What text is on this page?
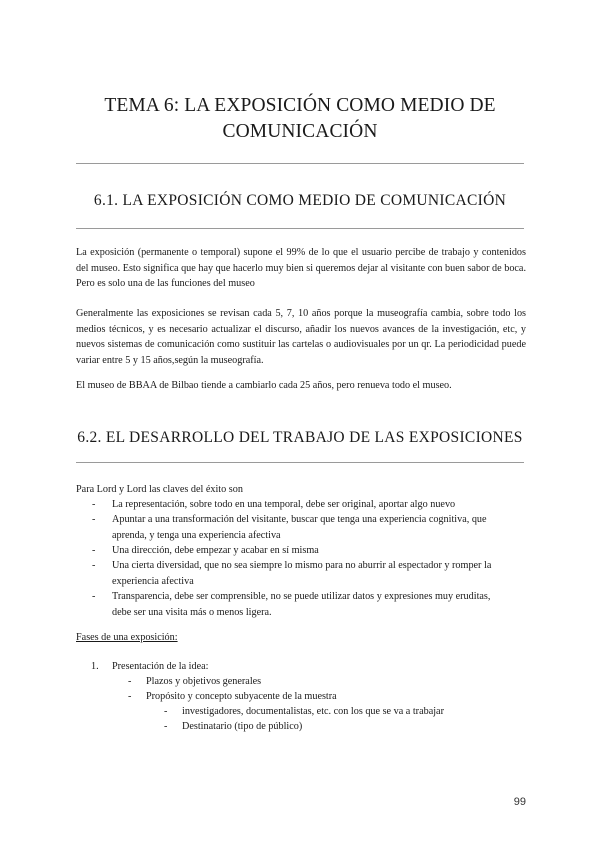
TEMA 6: LA EXPOSICIÓN COMO MEDIO DE
COMUNICACIÓN
6.1. LA EXPOSICIÓN COMO MEDIO DE COMUNICACIÓN
La exposición (permanente o temporal) supone el 99% de lo que el usuario percibe de trabajo y contenidos del museo. Esto significa que hay que hacerlo muy bien si queremos dejar al visitante con buen sabor de boca. Pero es solo una de las funciones del museo
Generalmente las exposiciones se revisan cada 5, 7, 10 años porque la museografía cambia, sobre todo los medios técnicos, y es necesario actualizar el discurso, añadir los nuevos avances de la investigación, etc, y nuevos sistemas de comunicación como sustituir las cartelas o audiovisuales por un qr. La periodicidad puede variar entre 5 y 15 años,según la museografía.
El museo de BBAA de Bilbao tiende a cambiarlo cada 25 años, pero renueva todo el museo.
6.2. EL DESARROLLO DEL TRABAJO DE LAS EXPOSICIONES
Para Lord y Lord las claves del éxito son
- La representación, sobre todo en una temporal, debe ser original, aportar algo nuevo
- Apuntar a una transformación del visitante, buscar que tenga una experiencia cognitiva, que
aprenda, y tenga una experiencia afectiva
- Una dirección, debe empezar y acabar en sí misma
- Una cierta diversidad, que no sea siempre lo mismo para no aburrir al espectador y romper la
experiencia afectiva
- Transparencia, debe ser comprensible, no se puede utilizar datos y expresiones muy eruditas,
debe ser una visita más o menos ligera.
Fases de una exposición:
1. Presentación de la idea:
- Plazos y objetivos generales
- Propósito y concepto subyacente de la muestra
- investigadores, documentalistas, etc. con los que se va a trabajar
- Destinatario (tipo de público)
99
